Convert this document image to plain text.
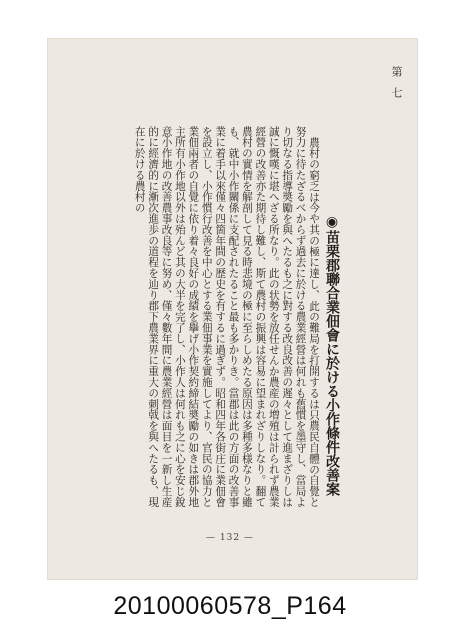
第七
◉苗栗郡聯合業佃會に於ける小作條件改善案

農村の窮乏は今や其の極に達し、此の難局を打開するは只農民自體の自覺と努力に待たざるべからず過去に於ける農業經營は何れも舊慣を墨守し、當局より切なる指導奬勵を與へたるも之に對する改良改善の遲々として進まざりしは誠に慨嘆に堪へざる所なり。此の状勢を放任せんか農産の増殖は計られず農業經營の改善亦た期待し難し、斯て農村の振興は容易に望まれざりしなり。翻て農村の實情を解剖して見る時悲境の極に至らしめたる原因は多種多様なりと雖も、就中小作關係に支配されたること最も多かりき。當郡は此の方面の改善事業に着手以來僅々四箇年間の歴史を有するに過ぎず。昭和四年各街庄に業佃會を設立し、小作慣行改善を中心とする業佃事業を實施してより、官民の協力と業佃兩者の自覺に依り着々良好の成績を擧げ小作契約締結奬勵の如きは郡外地主所有小作地以外は殆んど其の大半を完了し、小作人は何れも之に心を安じ銳意小作地の改善農事改良等に努め、僅々數年間に農業經營は面目を一新し生産的に經濟的に漸次進歩の道程を辿り郡下農業界に重大の刺戟を與へたるも、現在に於ける農村の

— 132 —
20100060578_P164
